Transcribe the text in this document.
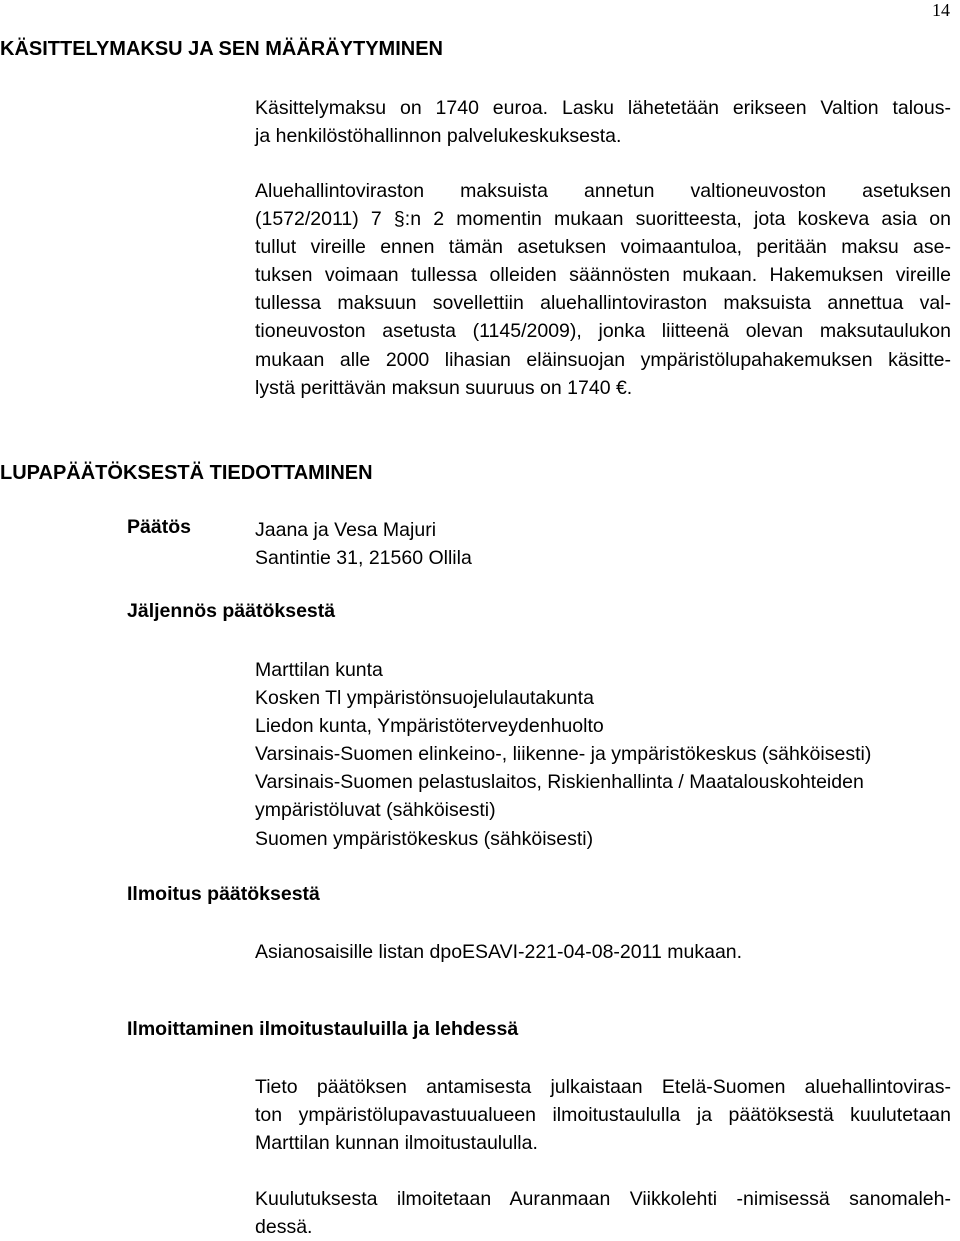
14
KÄSITTELYMAKSU JA SEN MÄÄRÄYTYMINEN
Käsittelymaksu on 1740 euroa. Lasku lähetetään erikseen Valtion talous-
ja henkilöstöhallinnon palvelukeskuksesta.
Aluehallintoviraston maksuista annetun valtioneuvoston asetuksen
(1572/2011) 7 §:n 2 momentin mukaan suoritteesta, jota koskeva asia on
tullut vireille ennen tämän asetuksen voimaantuloa, peritään maksu ase-
tuksen voimaan tullessa olleiden säännösten mukaan. Hakemuksen vireille
tullessa maksuun sovellettiin aluehallintoviraston maksuista annettua val-
tioneuvoston asetusta (1145/2009), jonka liitteenä olevan maksutaulukon
mukaan alle 2000 lihasian eläinsuojan ympäristölupahakemuksen käsitte-
lystä perittävän maksun suuruus on 1740 €.
LUPAPÄÄTÖKSESTÄ TIEDOTTAMINEN
Päätös	Jaana ja Vesa Majuri
Santintie 31, 21560 Ollila
Jäljennös päätöksestä
Marttilan kunta
Kosken Tl ympäristönsuojelulautakunta
Liedon kunta, Ympäristöterveydenhuolto
Varsinais-Suomen elinkeino-, liikenne- ja ympäristökeskus (sähköisesti)
Varsinais-Suomen pelastuslaitos, Riskienhallinta / Maatalouskohteiden
ympäristöluvat (sähköisesti)
Suomen ympäristökeskus (sähköisesti)
Ilmoitus päätöksestä
Asianosaisille listan dpoESAVI-221-04-08-2011 mukaan.
Ilmoittaminen ilmoitustauluilla ja lehdessä
Tieto päätöksen antamisesta julkaistaan Etelä-Suomen aluehallintoviras-
ton ympäristölupavastuualueen ilmoitustaululla ja päätöksestä kuulutetaan
Marttilan kunnan ilmoitustaululla.
Kuulutuksesta ilmoitetaan Auranmaan Viikkolehti -nimisessä sanomaleh-
dessä.
